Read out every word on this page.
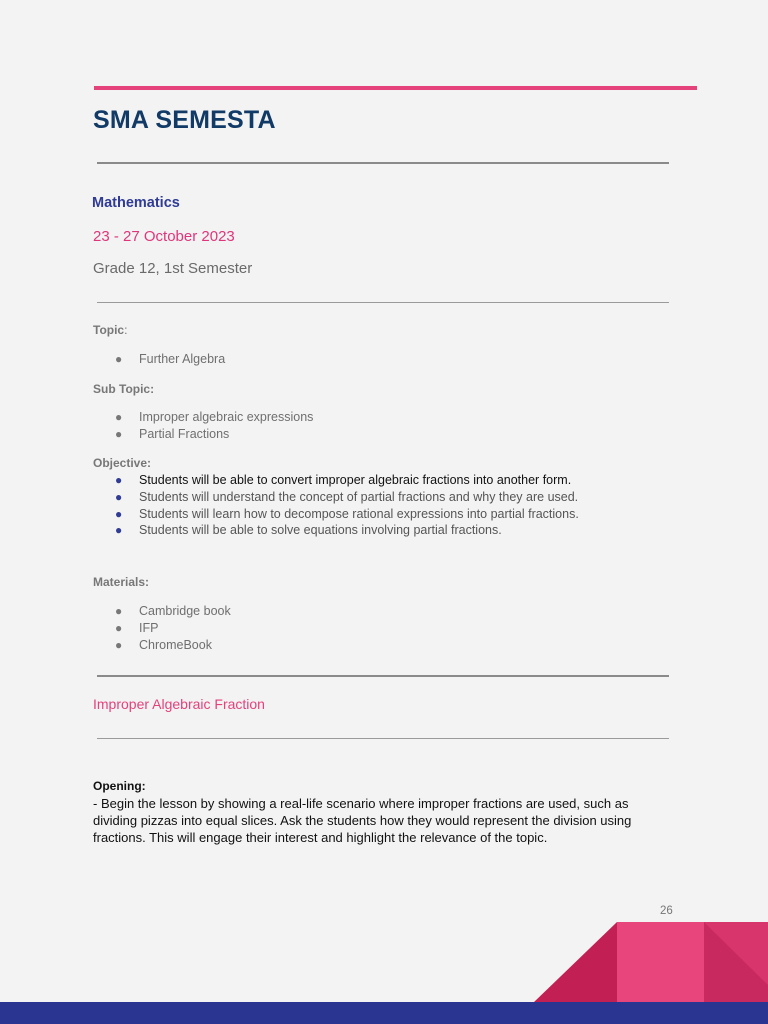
SMA SEMESTA
Mathematics
23 - 27 October 2023
Grade 12, 1st Semester
Topic:
● Further Algebra
Sub Topic:
● Improper algebraic expressions
● Partial Fractions
Objective:
● Students will be able to convert improper algebraic fractions into another form.
● Students will understand the concept of partial fractions and why they are used.
● Students will learn how to decompose rational expressions into partial fractions.
● Students will be able to solve equations involving partial fractions.
Materials:
● Cambridge book
● IFP
● ChromeBook
Improper Algebraic Fraction
Opening:

- Begin the lesson by showing a real-life scenario where improper fractions are used, such as dividing pizzas into equal slices. Ask the students how they would represent the division using fractions. This will engage their interest and highlight the relevance of the topic.

26
